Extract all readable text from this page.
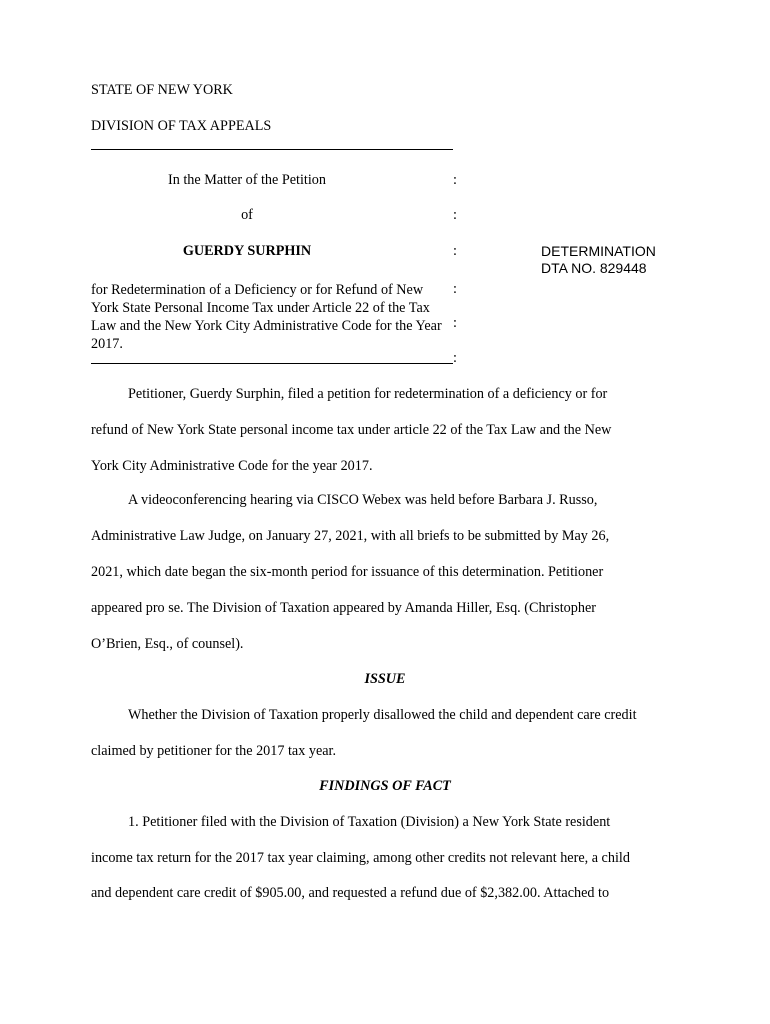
STATE OF NEW YORK
DIVISION OF TAX APPEALS
In the Matter of the Petition	:
of	:
GUERDY SURPHIN	:	DETERMINATION
DTA NO. 829448
for Redetermination of a Deficiency or for Refund of New York State Personal Income Tax under Article 22 of the Tax Law and the New York City Administrative Code for the Year 2017.
:
:
:
Petitioner, Guerdy Surphin, filed a petition for redetermination of a deficiency or for
refund of New York State personal income tax under article 22 of the Tax Law and the New
York City Administrative Code for the year 2017.
A videoconferencing hearing via CISCO Webex was held before Barbara J. Russo,
Administrative Law Judge, on January 27, 2021, with all briefs to be submitted by May 26,
2021, which date began the six-month period for issuance of this determination. Petitioner
appeared pro se. The Division of Taxation appeared by Amanda Hiller, Esq. (Christopher
O’Brien, Esq., of counsel).
ISSUE
Whether the Division of Taxation properly disallowed the child and dependent care credit
claimed by petitioner for the 2017 tax year.
FINDINGS OF FACT
1. Petitioner filed with the Division of Taxation (Division) a New York State resident
income tax return for the 2017 tax year claiming, among other credits not relevant here, a child
and dependent care credit of $905.00, and requested a refund due of $2,382.00. Attached to
